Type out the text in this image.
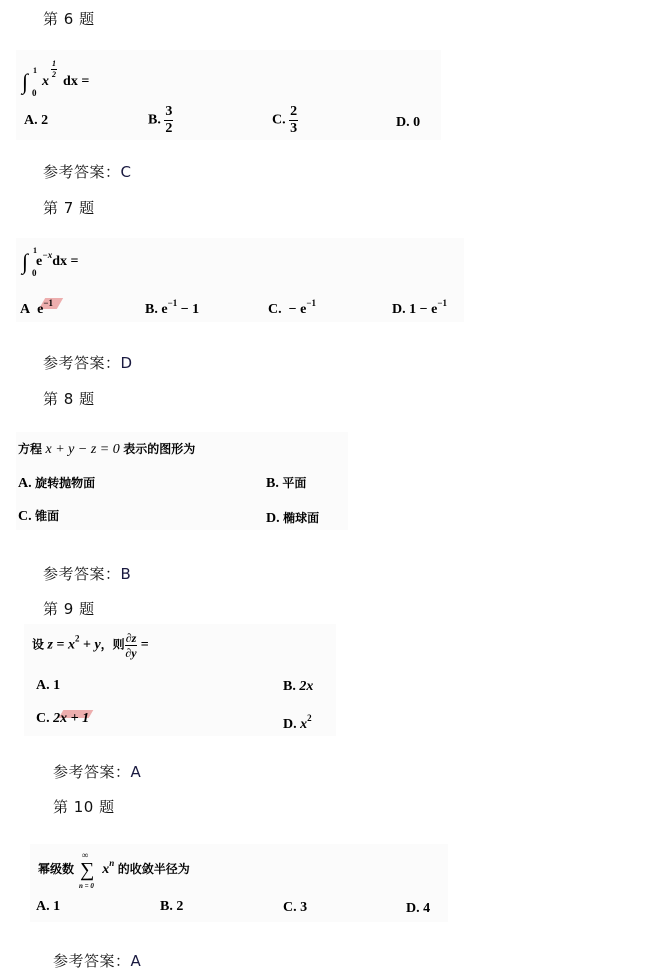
第 6 题
∫ 1
0
x
$\frac{1}{2}$
dx =
A. 2	B. $\frac{3}{2}$	C. $\frac{2}{3}$	D. 0
参考答案：C
第 7 题
∫ 1
0
$e^{-x}dx$ =
A $e^{-1}$	B. $e^{-1} - 1$	C. − $e^{-1}$	D. $1 - e^{-1}$
参考答案：D
第 8 题
方程 x + y − z = 0 表示的图形为
A. 旋转抛物面	B. 平面
C. 锥面	D. 椭球面
参考答案：B
第 9 题
设 $z = x^2 + y$，则 $\frac{\partial z}{\partial y}$ =
A. 1	B. 2x
C. 2x + 1	D. $x^2$
参考答案：A
第 10 题
幂级数 ∑
∞
n = 0
$x^n$ 的收敛半径为
A. 1	B. 2	C. 3	D. 4
参考答案：A
